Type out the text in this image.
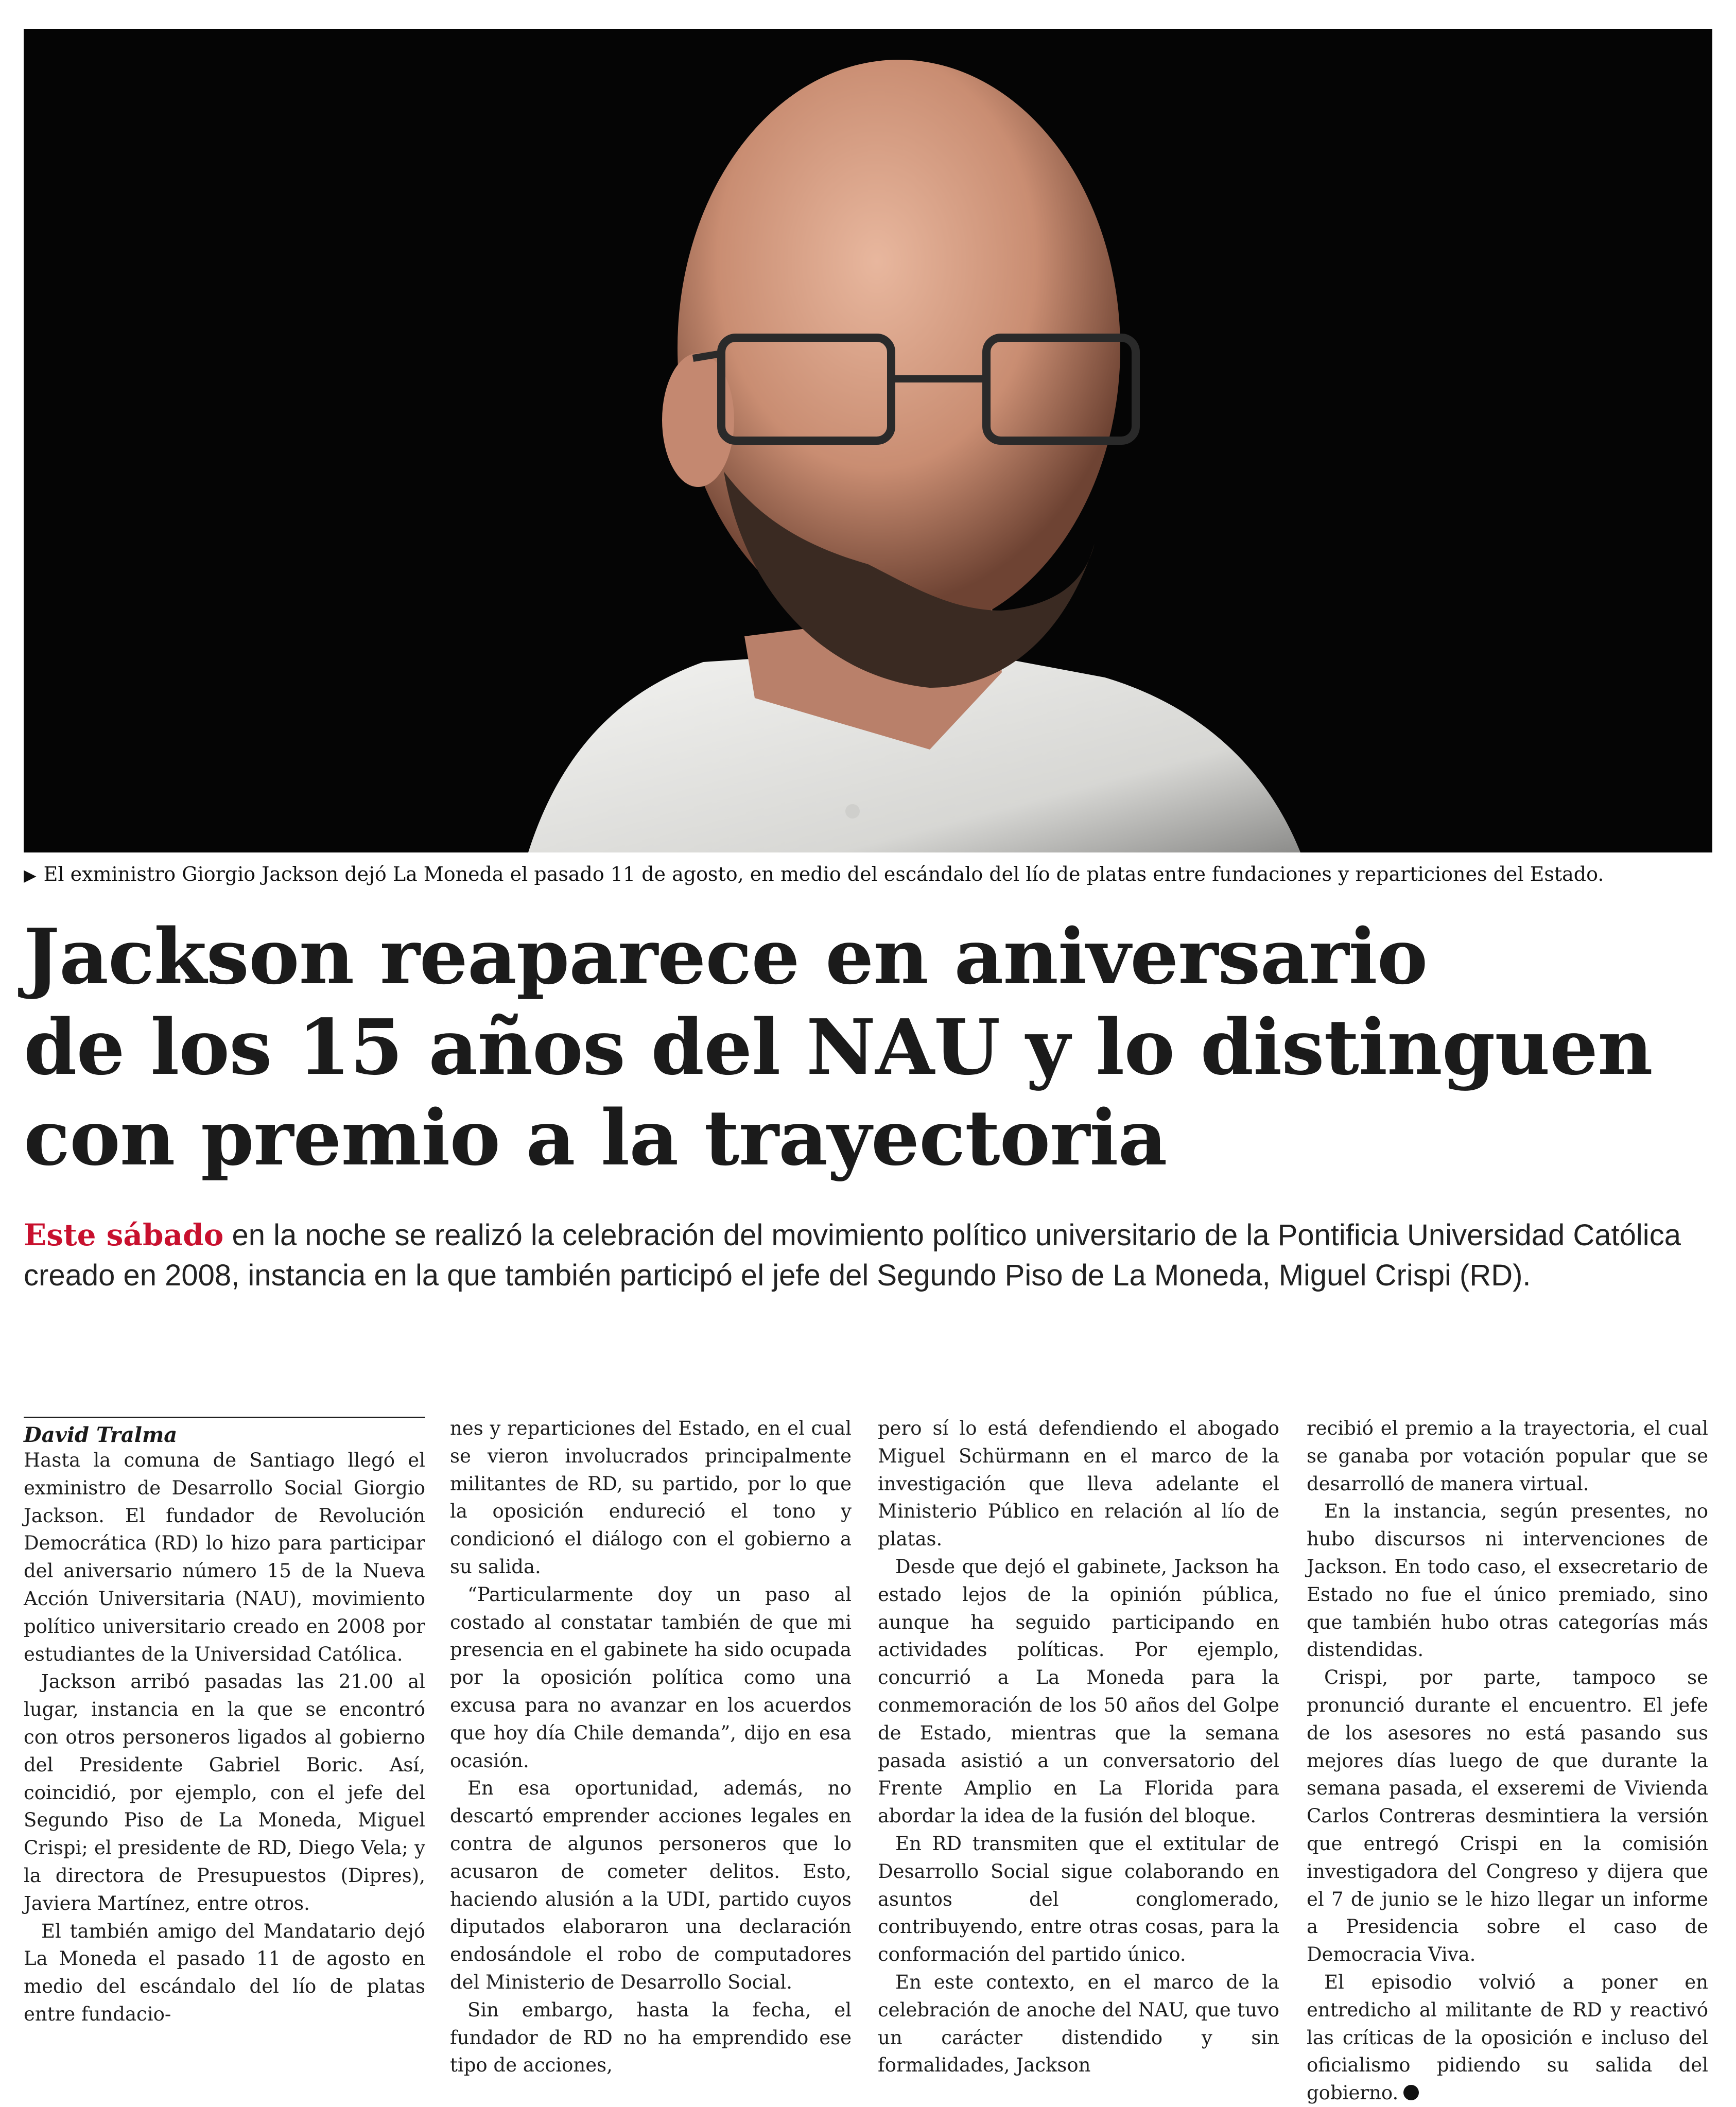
▶ El exministro Giorgio Jackson dejó La Moneda el pasado 11 de agosto, en medio del escándalo del lío de platas entre fundaciones y reparticiones del Estado.
Jackson reaparece en aniversario
de los 15 años del NAU y lo distinguen
con premio a la trayectoria
Este sábado en la noche se realizó la celebración del movimiento político universitario de la Pontificia Universidad Católica creado en 2008, instancia en la que también participó el jefe del Segundo Piso de La Moneda, Miguel Crispi (RD).
David Tralma

Hasta la comuna de Santiago llegó el exministro de Desarrollo Social Giorgio Jackson. El fundador de Revolución Democrática (RD) lo hizo para participar del aniversario número 15 de la Nueva Acción Universitaria (NAU), movimiento político universitario creado en 2008 por estudiantes de la Universidad Católica.

Jackson arribó pasadas las 21.00 al lugar, instancia en la que se encontró con otros personeros ligados al gobierno del Presidente Gabriel Boric. Así, coincidió, por ejemplo, con el jefe del Segundo Piso de La Moneda, Miguel Crispi; el presidente de RD, Diego Vela; y la directora de Presupuestos (Dipres), Javiera Martínez, entre otros.

El también amigo del Mandatario dejó La Moneda el pasado 11 de agosto en medio del escándalo del lío de platas entre fundacio-

nes y reparticiones del Estado, en el cual se vieron involucrados principalmente militantes de RD, su partido, por lo que la oposición endureció el tono y condicionó el diálogo con el gobierno a su salida.

“Particularmente doy un paso al costado al constatar también de que mi presencia en el gabinete ha sido ocupada por la oposición política como una excusa para no avanzar en los acuerdos que hoy día Chile demanda”, dijo en esa ocasión.

En esa oportunidad, además, no descartó emprender acciones legales en contra de algunos personeros que lo acusaron de cometer delitos. Esto, haciendo alusión a la UDI, partido cuyos diputados elaboraron una declaración endosándole el robo de computadores del Ministerio de Desarrollo Social.

Sin embargo, hasta la fecha, el fundador de RD no ha emprendido ese tipo de acciones,

pero sí lo está defendiendo el abogado Miguel Schürmann en el marco de la investigación que lleva adelante el Ministerio Público en relación al lío de platas.

Desde que dejó el gabinete, Jackson ha estado lejos de la opinión pública, aunque ha seguido participando en actividades políticas. Por ejemplo, concurrió a La Moneda para la conmemoración de los 50 años del Golpe de Estado, mientras que la semana pasada asistió a un conversatorio del Frente Amplio en La Florida para abordar la idea de la fusión del bloque.

En RD transmiten que el extitular de Desarrollo Social sigue colaborando en asuntos del conglomerado, contribuyendo, entre otras cosas, para la conformación del partido único.

En este contexto, en el marco de la celebración de anoche del NAU, que tuvo un carácter distendido y sin formalidades, Jackson

recibió el premio a la trayectoria, el cual se ganaba por votación popular que se desarrolló de manera virtual.

En la instancia, según presentes, no hubo discursos ni intervenciones de Jackson. En todo caso, el exsecretario de Estado no fue el único premiado, sino que también hubo otras categorías más distendidas.

Crispi, por parte, tampoco se pronunció durante el encuentro. El jefe de los asesores no está pasando sus mejores días luego de que durante la semana pasada, el exseremi de Vivienda Carlos Contreras desmintiera la versión que entregó Crispi en la comisión investigadora del Congreso y dijera que el 7 de junio se le hizo llegar un informe a Presidencia sobre el caso de Democracia Viva.

El episodio volvió a poner en entredicho al militante de RD y reactivó las críticas de la oposición e incluso del oficialismo pidiendo su salida del gobierno.
